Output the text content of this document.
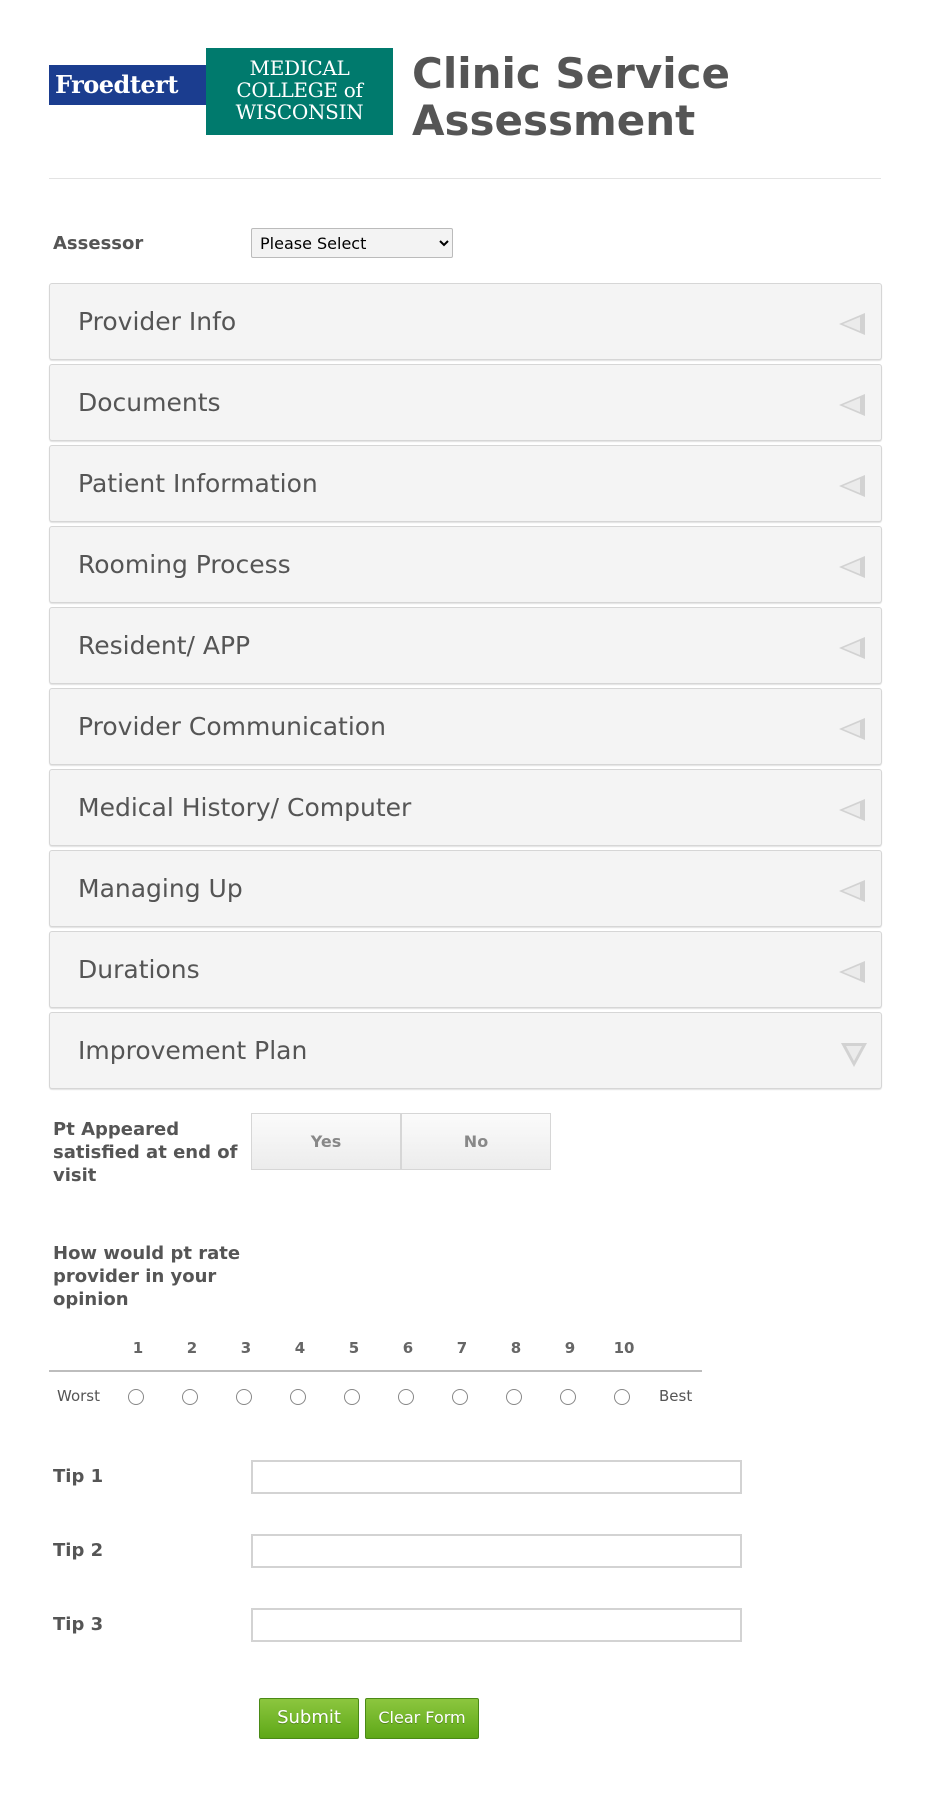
Froedtert
MEDICAL
COLLEGE of
WISCONSIN
Clinic Service Assessment
Assessor
Please Select
Provider Info
Documents
Patient Information
Rooming Process
Resident/ APP
Provider Communication
Medical History/ Computer
Managing Up
Durations
Improvement Plan
Pt Appeared satisfied at end of visit
Yes	No
How would pt rate provider in your opinion
1	2	3	4	5	6	7	8	9	10
Worst	Best
Tip 1
Tip 2
Tip 3
Submit	Clear Form
